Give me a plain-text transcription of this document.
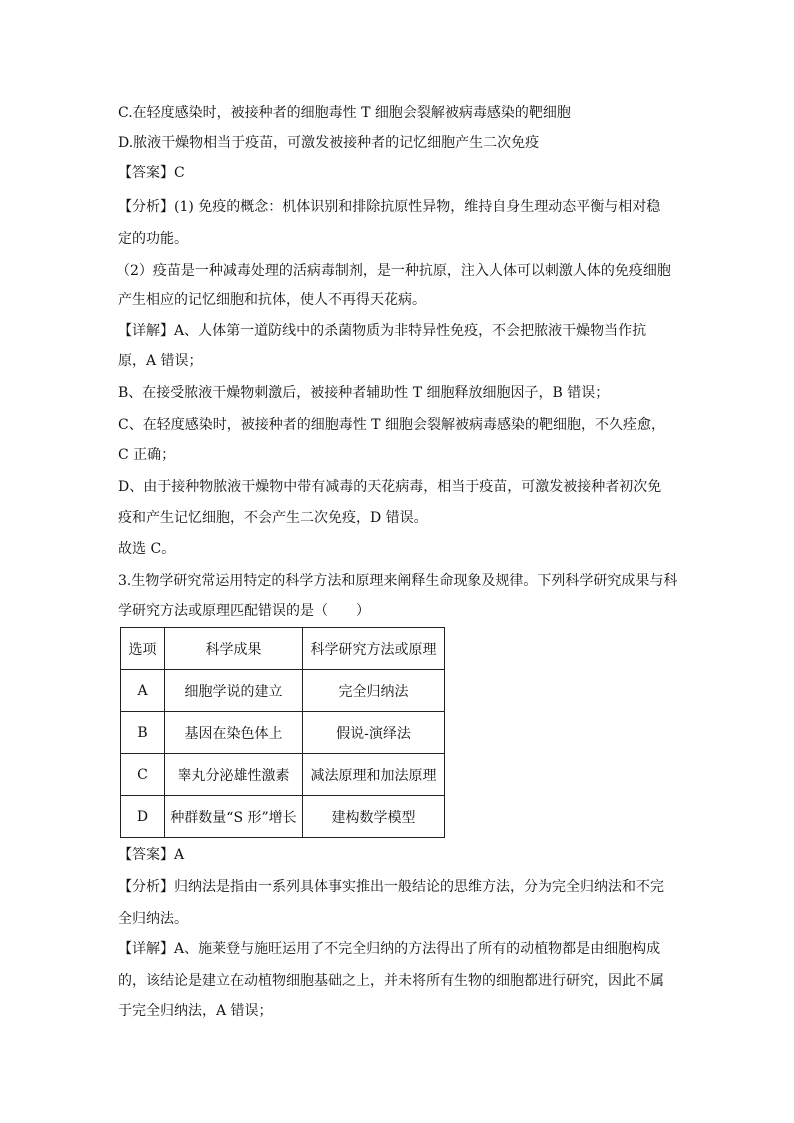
C.在轻度感染时，被接种者的细胞毒性 T 细胞会裂解被病毒感染的靶细胞
D.脓液干燥物相当于疫苗，可激发被接种者的记忆细胞产生二次免疫
【答案】C
【分析】(1) 免疫的概念：机体识别和排除抗原性异物，维持自身生理动态平衡与相对稳
定的功能。
（2）疫苗是一种减毒处理的活病毒制剂，是一种抗原，注入人体可以刺激人体的免疫细胞
产生相应的记忆细胞和抗体，使人不再得天花病。
【详解】A、人体第一道防线中的杀菌物质为非特异性免疫，不会把脓液干燥物当作抗
原，A 错误；
B、在接受脓液干燥物刺激后，被接种者辅助性 T 细胞释放细胞因子，B 错误；
C、在轻度感染时，被接种者的细胞毒性 T 细胞会裂解被病毒感染的靶细胞，不久痊愈，
C 正确；
D、由于接种物脓液干燥物中带有减毒的天花病毒，相当于疫苗，可激发被接种者初次免
疫和产生记忆细胞，不会产生二次免疫，D 错误。
故选 C。
3.生物学研究常运用特定的科学方法和原理来阐释生命现象及规律。下列科学研究成果与科
学研究方法或原理匹配错误的是（　　）
选项	科学成果	科学研究方法或原理
A	细胞学说的建立	完全归纳法
B	基因在染色体上	假说-演绎法
C	睾丸分泌雄性激素	减法原理和加法原理
D	种群数量“S 形”增长	建构数学模型
【答案】A
【分析】归纳法是指由一系列具体事实推出一般结论的思维方法，分为完全归纳法和不完
全归纳法。
【详解】A、施莱登与施旺运用了不完全归纳的方法得出了所有的动植物都是由细胞构成
的，该结论是建立在动植物细胞基础之上，并未将所有生物的细胞都进行研究，因此不属
于完全归纳法，A 错误；
